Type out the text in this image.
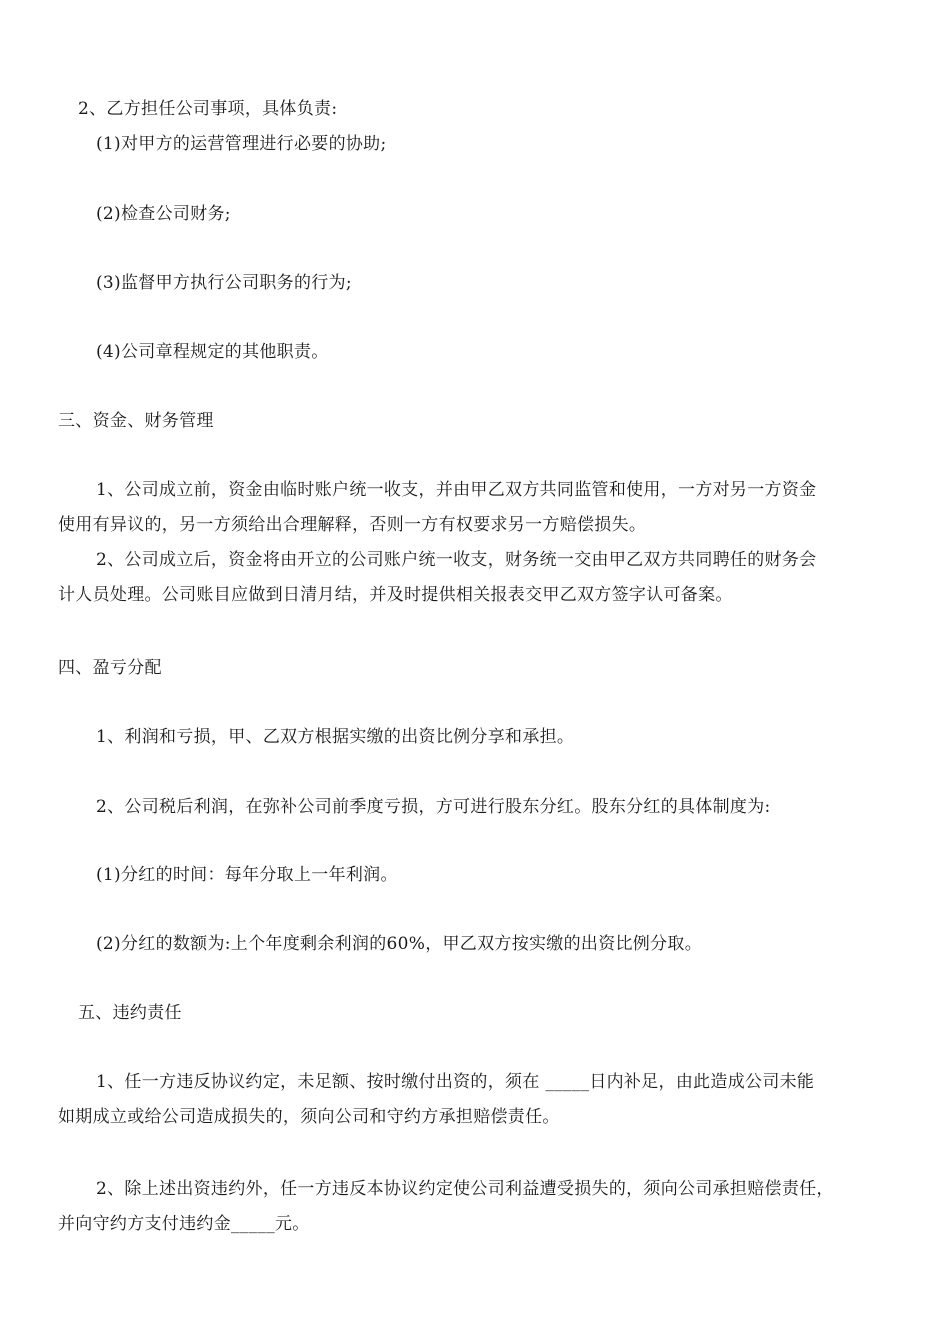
2、乙方担任公司事项，具体负责:
(1)对甲方的运营管理进行必要的协助;
(2)检查公司财务;
(3)监督甲方执行公司职务的行为;
(4)公司章程规定的其他职责。
三、资金、财务管理
1、公司成立前，资金由临时账户统一收支，并由甲乙双方共同监管和使用，一方对另一方资金
使用有异议的，另一方须给出合理解释，否则一方有权要求另一方赔偿损失。
2、公司成立后，资金将由开立的公司账户统一收支，财务统一交由甲乙双方共同聘任的财务会
计人员处理。公司账目应做到日清月结，并及时提供相关报表交甲乙双方签字认可备案。
四、盈亏分配
1、利润和亏损，甲、乙双方根据实缴的出资比例分享和承担。
2、公司税后利润，在弥补公司前季度亏损，方可进行股东分红。股东分红的具体制度为:
(1)分红的时间：每年分取上一年利润。
(2)分红的数额为:上个年度剩余利润的60%，甲乙双方按实缴的出资比例分取。
五、违约责任
1、任一方违反协议约定，未足额、按时缴付出资的，须在 _____日内补足，由此造成公司未能
如期成立或给公司造成损失的，须向公司和守约方承担赔偿责任。
2、除上述出资违约外，任一方违反本协议约定使公司利益遭受损失的，须向公司承担赔偿责任，
并向守约方支付违约金_____元。
